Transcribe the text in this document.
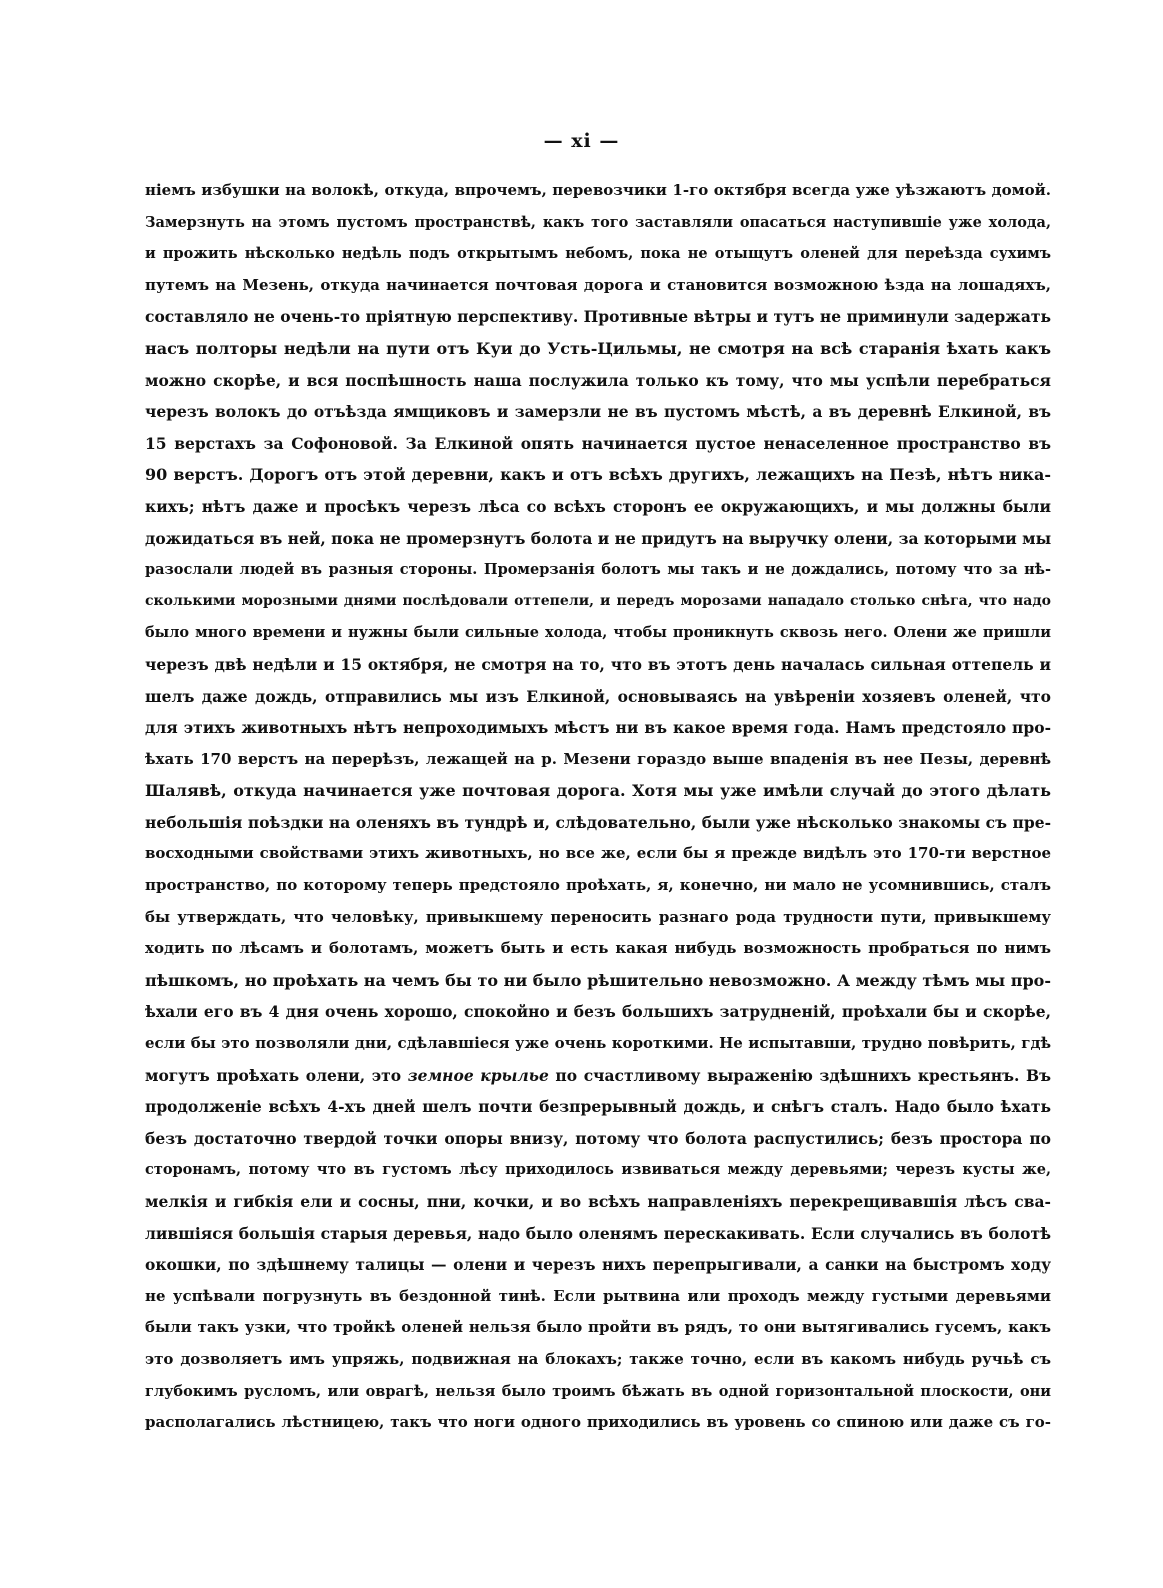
— xi —
ніемъ избушки на волокѣ, откуда, впрочемъ, перевозчики 1-го октября всегда уже уѣзжаютъ домой.
Замерзнуть на этомъ пустомъ пространствѣ, какъ того заставляли опасаться наступившіе уже холода,
и прожить нѣсколько недѣль подъ открытымъ небомъ, пока не отыщутъ оленей для переѣзда сухимъ
путемъ на Мезень, откуда начинается почтовая дорога и становится возможною ѣзда на лошадяхъ,
составляло не очень-то пріятную перспективу. Противные вѣтры и тутъ не приминули задержать
насъ полторы недѣли на пути отъ Куи до Усть-Цильмы, не смотря на всѣ старанія ѣхать какъ
можно скорѣе, и вся поспѣшность наша послужила только къ тому, что мы успѣли перебраться
черезъ волокъ до отъѣзда ямщиковъ и замерзли не въ пустомъ мѣстѣ, а въ деревнѣ Елкиной, въ
15 верстахъ за Софоновой. За Елкиной опять начинается пустое ненаселенное пространство въ
90 верстъ. Дорогъ отъ этой деревни, какъ и отъ всѣхъ другихъ, лежащихъ на Пезѣ, нѣтъ ника-
кихъ; нѣтъ даже и просѣкъ черезъ лѣса со всѣхъ сторонъ ее окружающихъ, и мы должны были
дожидаться въ ней, пока не промерзнутъ болота и не придутъ на выручку олени, за которыми мы
разослали людей въ разныя стороны. Промерзанія болотъ мы такъ и не дождались, потому что за нѣ-
сколькими морозными днями послѣдовали оттепели, и передъ морозами нападало столько снѣга, что надо
было много времени и нужны были сильные холода, чтобы проникнуть сквозь него. Олени же пришли
черезъ двѣ недѣли и 15 октября, не смотря на то, что въ этотъ день началась сильная оттепель и
шелъ даже дождь, отправились мы изъ Елкиной, основываясь на увѣреніи хозяевъ оленей, что
для этихъ животныхъ нѣтъ непроходимыхъ мѣстъ ни въ какое время года. Намъ предстояло про-
ѣхать 170 верстъ на перерѣзъ, лежащей на р. Мезени гораздо выше впаденія въ нее Пезы, деревнѣ
Шалявѣ, откуда начинается уже почтовая дорога. Хотя мы уже имѣли случай до этого дѣлать
небольшія поѣздки на оленяхъ въ тундрѣ и, слѣдовательно, были уже нѣсколько знакомы съ пре-
восходными свойствами этихъ животныхъ, но все же, если бы я прежде видѣлъ это 170-ти верстное
пространство, по которому теперь предстояло проѣхать, я, конечно, ни мало не усомнившись, сталъ
бы утверждать, что человѣку, привыкшему переносить разнаго рода трудности пути, привыкшему
ходить по лѣсамъ и болотамъ, можетъ быть и есть какая нибудь возможность пробраться по нимъ
пѣшкомъ, но проѣхать на чемъ бы то ни было рѣшительно невозможно. А между тѣмъ мы про-
ѣхали его въ 4 дня очень хорошо, спокойно и безъ большихъ затрудненій, проѣхали бы и скорѣе,
если бы это позволяли дни, сдѣлавшіеся уже очень короткими. Не испытавши, трудно повѣрить, гдѣ
могутъ проѣхать олени, это земное крылье по счастливому выраженію здѣшнихъ крестьянъ. Въ
продолженіе всѣхъ 4-хъ дней шелъ почти безпрерывный дождь, и снѣгъ сталъ. Надо было ѣхать
безъ достаточно твердой точки опоры внизу, потому что болота распустились; безъ простора по
сторонамъ, потому что въ густомъ лѣсу приходилось извиваться между деревьями; черезъ кусты же,
мелкія и гибкія ели и сосны, пни, кочки, и во всѣхъ направленіяхъ перекрещивавшія лѣсъ сва-
лившіяся большія старыя деревья, надо было оленямъ перескакивать. Если случались въ болотѣ
окошки, по здѣшнему талицы — олени и черезъ нихъ перепрыгивали, а санки на быстромъ ходу
не успѣвали погрузнуть въ бездонной тинѣ. Если рытвина или проходъ между густыми деревьями
были такъ узки, что тройкѣ оленей нельзя было пройти въ рядъ, то они вытягивались гусемъ, какъ
это дозволяетъ имъ упряжь, подвижная на блокахъ; также точно, если въ какомъ нибудь ручьѣ съ
глубокимъ русломъ, или оврагѣ, нельзя было троимъ бѣжать въ одной горизонтальной плоскости, они
располагались лѣстницею, такъ что ноги одного приходились въ уровень со спиною или даже съ го-
